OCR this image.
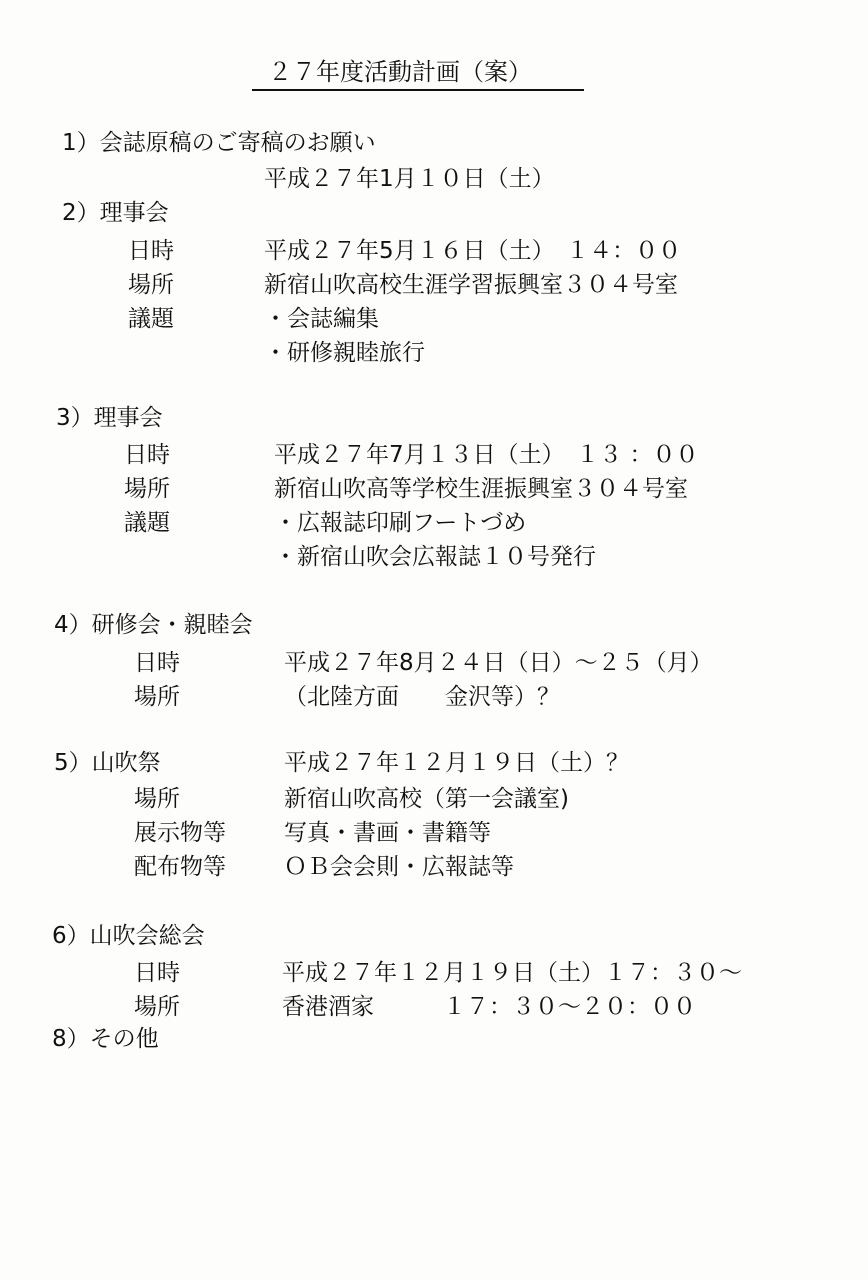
２７年度活動計画（案）
1）会誌原稿のご寄稿のお願い
平成２７年1月１０日（土）
2）理事会
日時	平成２７年5月１６日（土）　１４：００
場所	新宿山吹高校生涯学習振興室３０４号室
議題	・会誌編集
・研修親睦旅行
3）理事会
日時	平成２７年7月１３日（土）　１３ ：００
場所	新宿山吹高等学校生涯振興室３０４号室
議題	・広報誌印刷フートづめ
・新宿山吹会広報誌１０号発行
4）研修会・親睦会
日時	平成２７年8月２４日（日）～２５（月）
場所	（北陸方面　　金沢等）？
5）山吹祭	平成２７年１２月１９日（土）？
場所	新宿山吹高校（第一会議室)
展示物等	写真・書画・書籍等
配布物等	ＯＢ会会則・広報誌等
6）山吹会総会
日時	平成２７年１２月１９日（土）１７：３０～
場所	香港酒家　　　１７：３０～２０：００
8）その他
